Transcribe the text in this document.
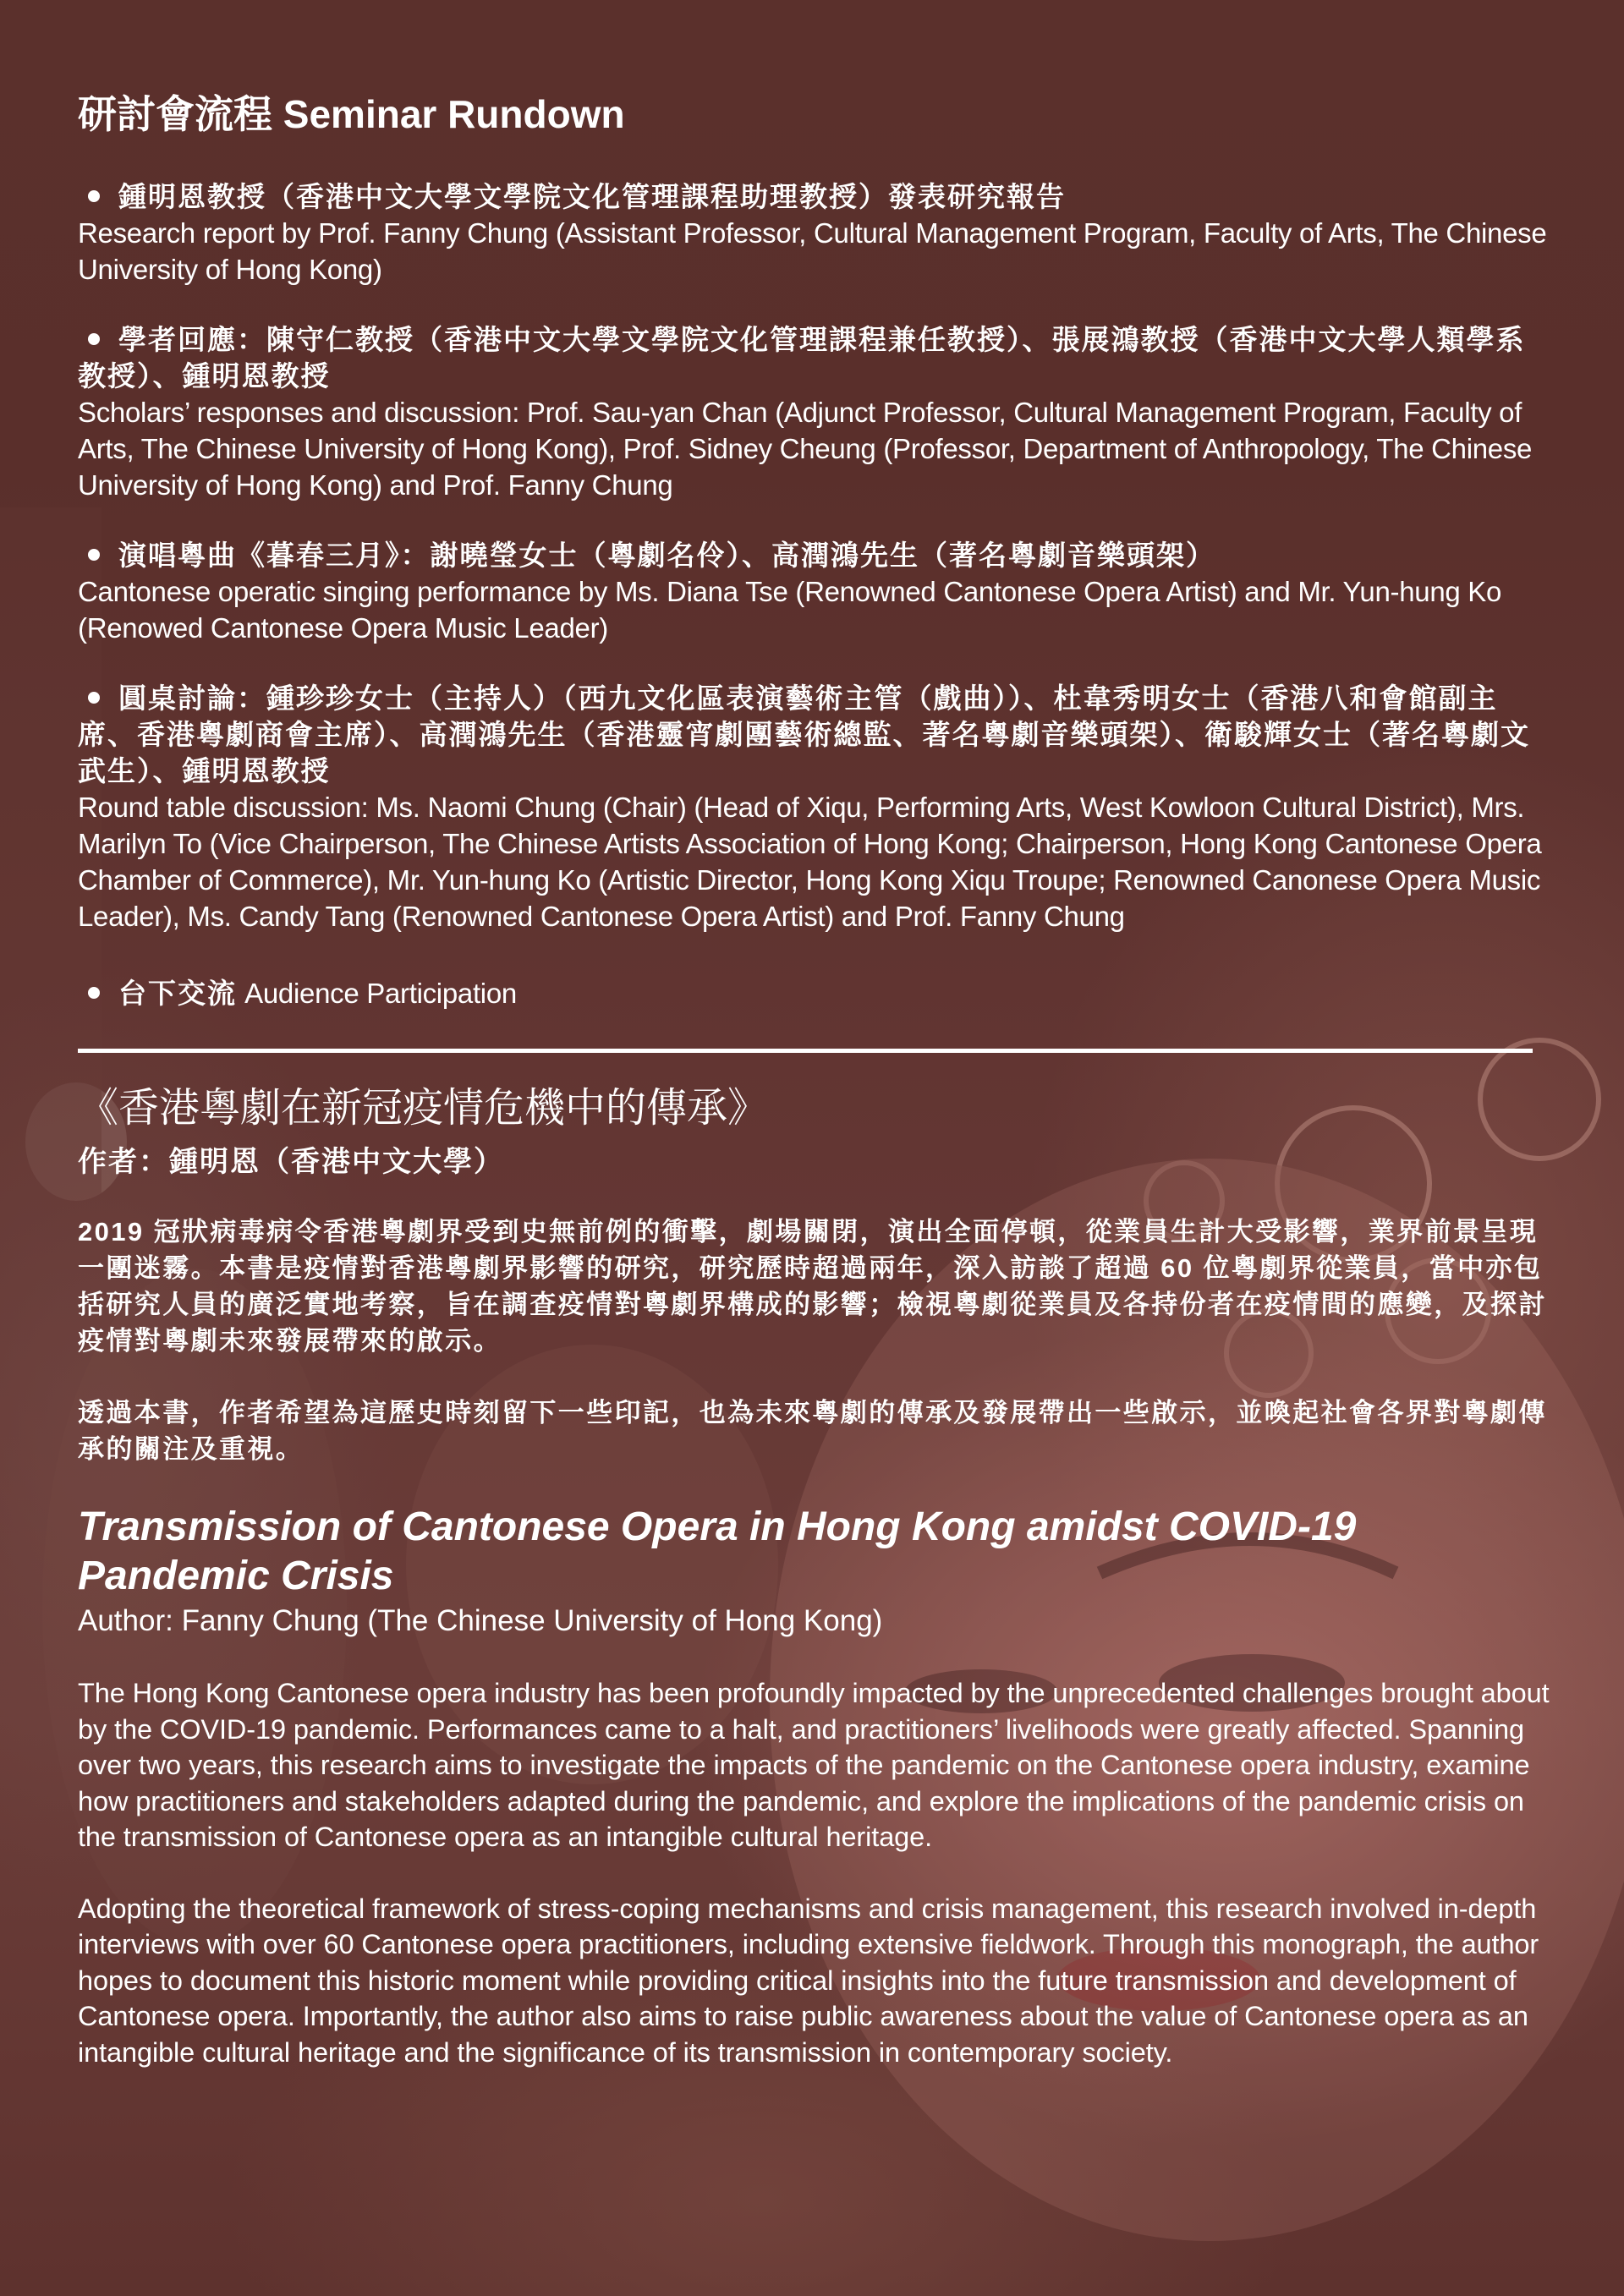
研討會流程 Seminar Rundown
鍾明恩教授（香港中文大學文學院文化管理課程助理教授）發表研究報告
Research report by Prof. Fanny Chung (Assistant Professor, Cultural Management Program, Faculty of Arts, The Chinese University of Hong Kong)
學者回應：陳守仁教授（香港中文大學文學院文化管理課程兼任教授）、張展鴻教授（香港中文大學人類學系教授）、鍾明恩教授
Scholars’ responses and discussion: Prof. Sau-yan Chan (Adjunct Professor, Cultural Management Program, Faculty of Arts, The Chinese University of Hong Kong), Prof. Sidney Cheung (Professor, Department of Anthropology, The Chinese University of Hong Kong) and Prof. Fanny Chung
演唱粵曲《暮春三月》：謝曉瑩女士（粵劇名伶）、高潤鴻先生（著名粵劇音樂頭架）
Cantonese operatic singing performance by Ms. Diana Tse (Renowned Cantonese Opera Artist) and Mr. Yun-hung Ko (Renowed Cantonese Opera Music Leader)
圓桌討論：鍾珍珍女士（主持人）（西九文化區表演藝術主管（戲曲））、杜韋秀明女士（香港八和會館副主席、香港粵劇商會主席）、高潤鴻先生（香港靈宵劇團藝術總監、著名粵劇音樂頭架）、衛駿輝女士（著名粵劇文武生）、鍾明恩教授
Round table discussion: Ms. Naomi Chung (Chair) (Head of Xiqu, Performing Arts, West Kowloon Cultural District), Mrs. Marilyn To (Vice Chairperson, The Chinese Artists Association of Hong Kong; Chairperson, Hong Kong Cantonese Opera Chamber of Commerce), Mr. Yun-hung Ko (Artistic Director, Hong Kong Xiqu Troupe; Renowned Canonese Opera Music Leader), Ms. Candy Tang (Renowned Cantonese Opera Artist) and Prof. Fanny Chung
台下交流 Audience Participation
《香港粵劇在新冠疫情危機中的傳承》
作者：鍾明恩（香港中文大學）

2019 冠狀病毒病令香港粵劇界受到史無前例的衝擊，劇場關閉，演出全面停頓，從業員生計大受影響，業界前景呈現一團迷霧。本書是疫情對香港粵劇界影響的研究，研究歷時超過兩年，深入訪談了超過 60 位粵劇界從業員，當中亦包括研究人員的廣泛實地考察，旨在調查疫情對粵劇界構成的影響；檢視粵劇從業員及各持份者在疫情間的應變，及探討疫情對粵劇未來發展帶來的啟示。

透過本書，作者希望為這歷史時刻留下一些印記，也為未來粵劇的傳承及發展帶出一些啟示，並喚起社會各界對粵劇傳承的關注及重視。

Transmission of Cantonese Opera in Hong Kong amidst COVID-19 Pandemic Crisis
Author: Fanny Chung (The Chinese University of Hong Kong)

The Hong Kong Cantonese opera industry has been profoundly impacted by the unprecedented challenges brought about by the COVID-19 pandemic. Performances came to a halt, and practitioners’ livelihoods were greatly affected. Spanning over two years, this research aims to investigate the impacts of the pandemic on the Cantonese opera industry, examine how practitioners and stakeholders adapted during the pandemic, and explore the implications of the pandemic crisis on the transmission of Cantonese opera as an intangible cultural heritage.

Adopting the theoretical framework of stress-coping mechanisms and crisis management, this research involved in-depth interviews with over 60 Cantonese opera practitioners, including extensive fieldwork. Through this monograph, the author hopes to document this historic moment while providing critical insights into the future transmission and development of Cantonese opera. Importantly, the author also aims to raise public awareness about the value of Cantonese opera as an intangible cultural heritage and the significance of its transmission in contemporary society.
